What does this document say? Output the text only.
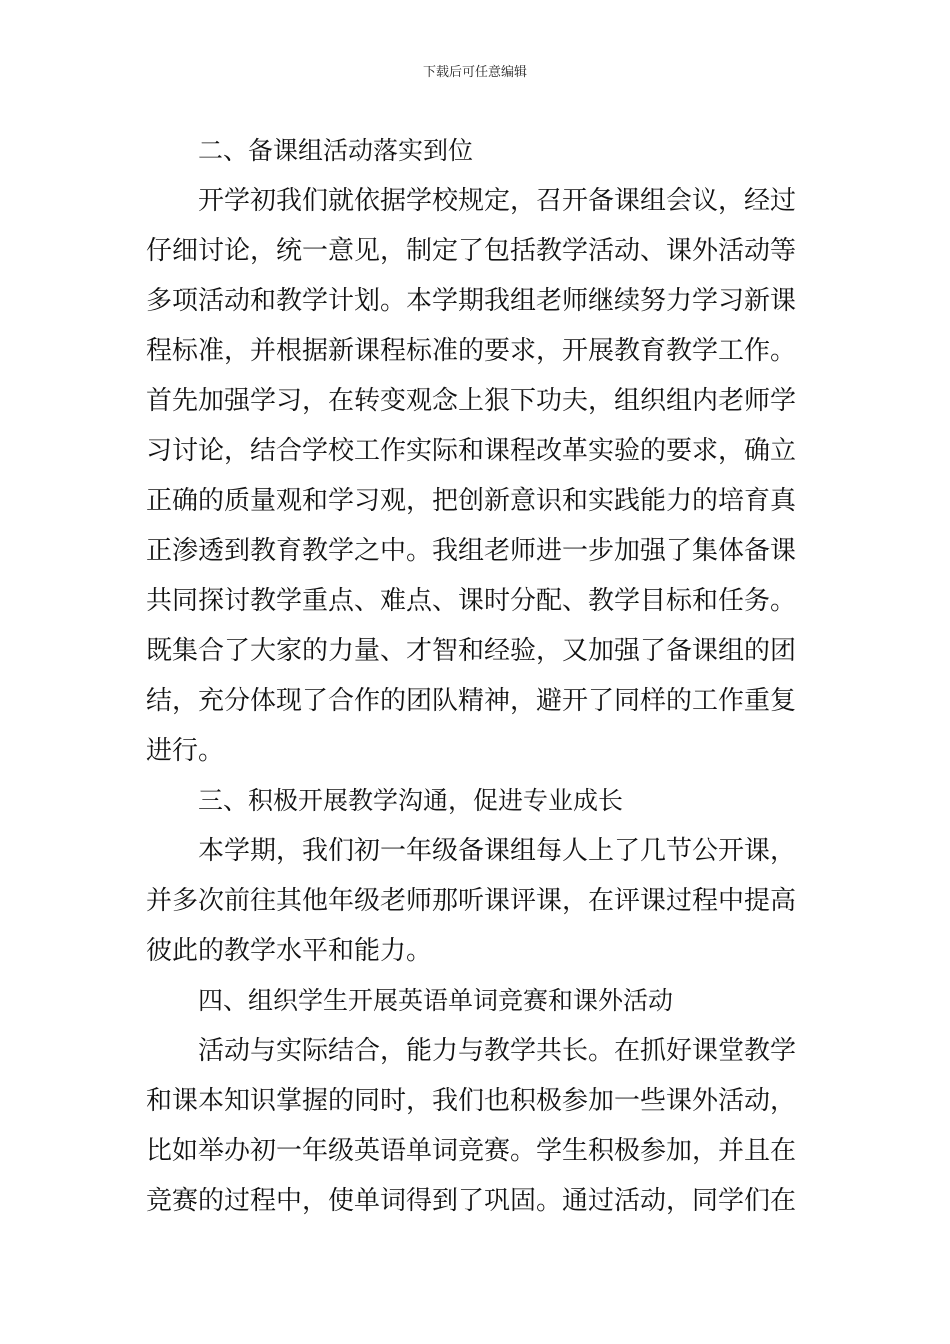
下载后可任意编辑
二、备课组活动落实到位
开学初我们就依据学校规定，召开备课组会议，经过
仔细讨论，统一意见，制定了包括教学活动、课外活动等
多项活动和教学计划。本学期我组老师继续努力学习新课
程标准，并根据新课程标准的要求，开展教育教学工作。
首先加强学习，在转变观念上狠下功夫，组织组内老师学
习讨论，结合学校工作实际和课程改革实验的要求，确立
正确的质量观和学习观，把创新意识和实践能力的培育真
正渗透到教育教学之中。我组老师进一步加强了集体备课
共同探讨教学重点、难点、课时分配、教学目标和任务。
既集合了大家的力量、才智和经验，又加强了备课组的团
结，充分体现了合作的团队精神，避开了同样的工作重复
进行。
三、积极开展教学沟通，促进专业成长
本学期，我们初一年级备课组每人上了几节公开课，
并多次前往其他年级老师那听课评课，在评课过程中提高
彼此的教学水平和能力。
四、组织学生开展英语单词竞赛和课外活动
活动与实际结合，能力与教学共长。在抓好课堂教学
和课本知识掌握的同时，我们也积极参加一些课外活动，
比如举办初一年级英语单词竞赛。学生积极参加，并且在
竞赛的过程中，使单词得到了巩固。通过活动，同学们在
